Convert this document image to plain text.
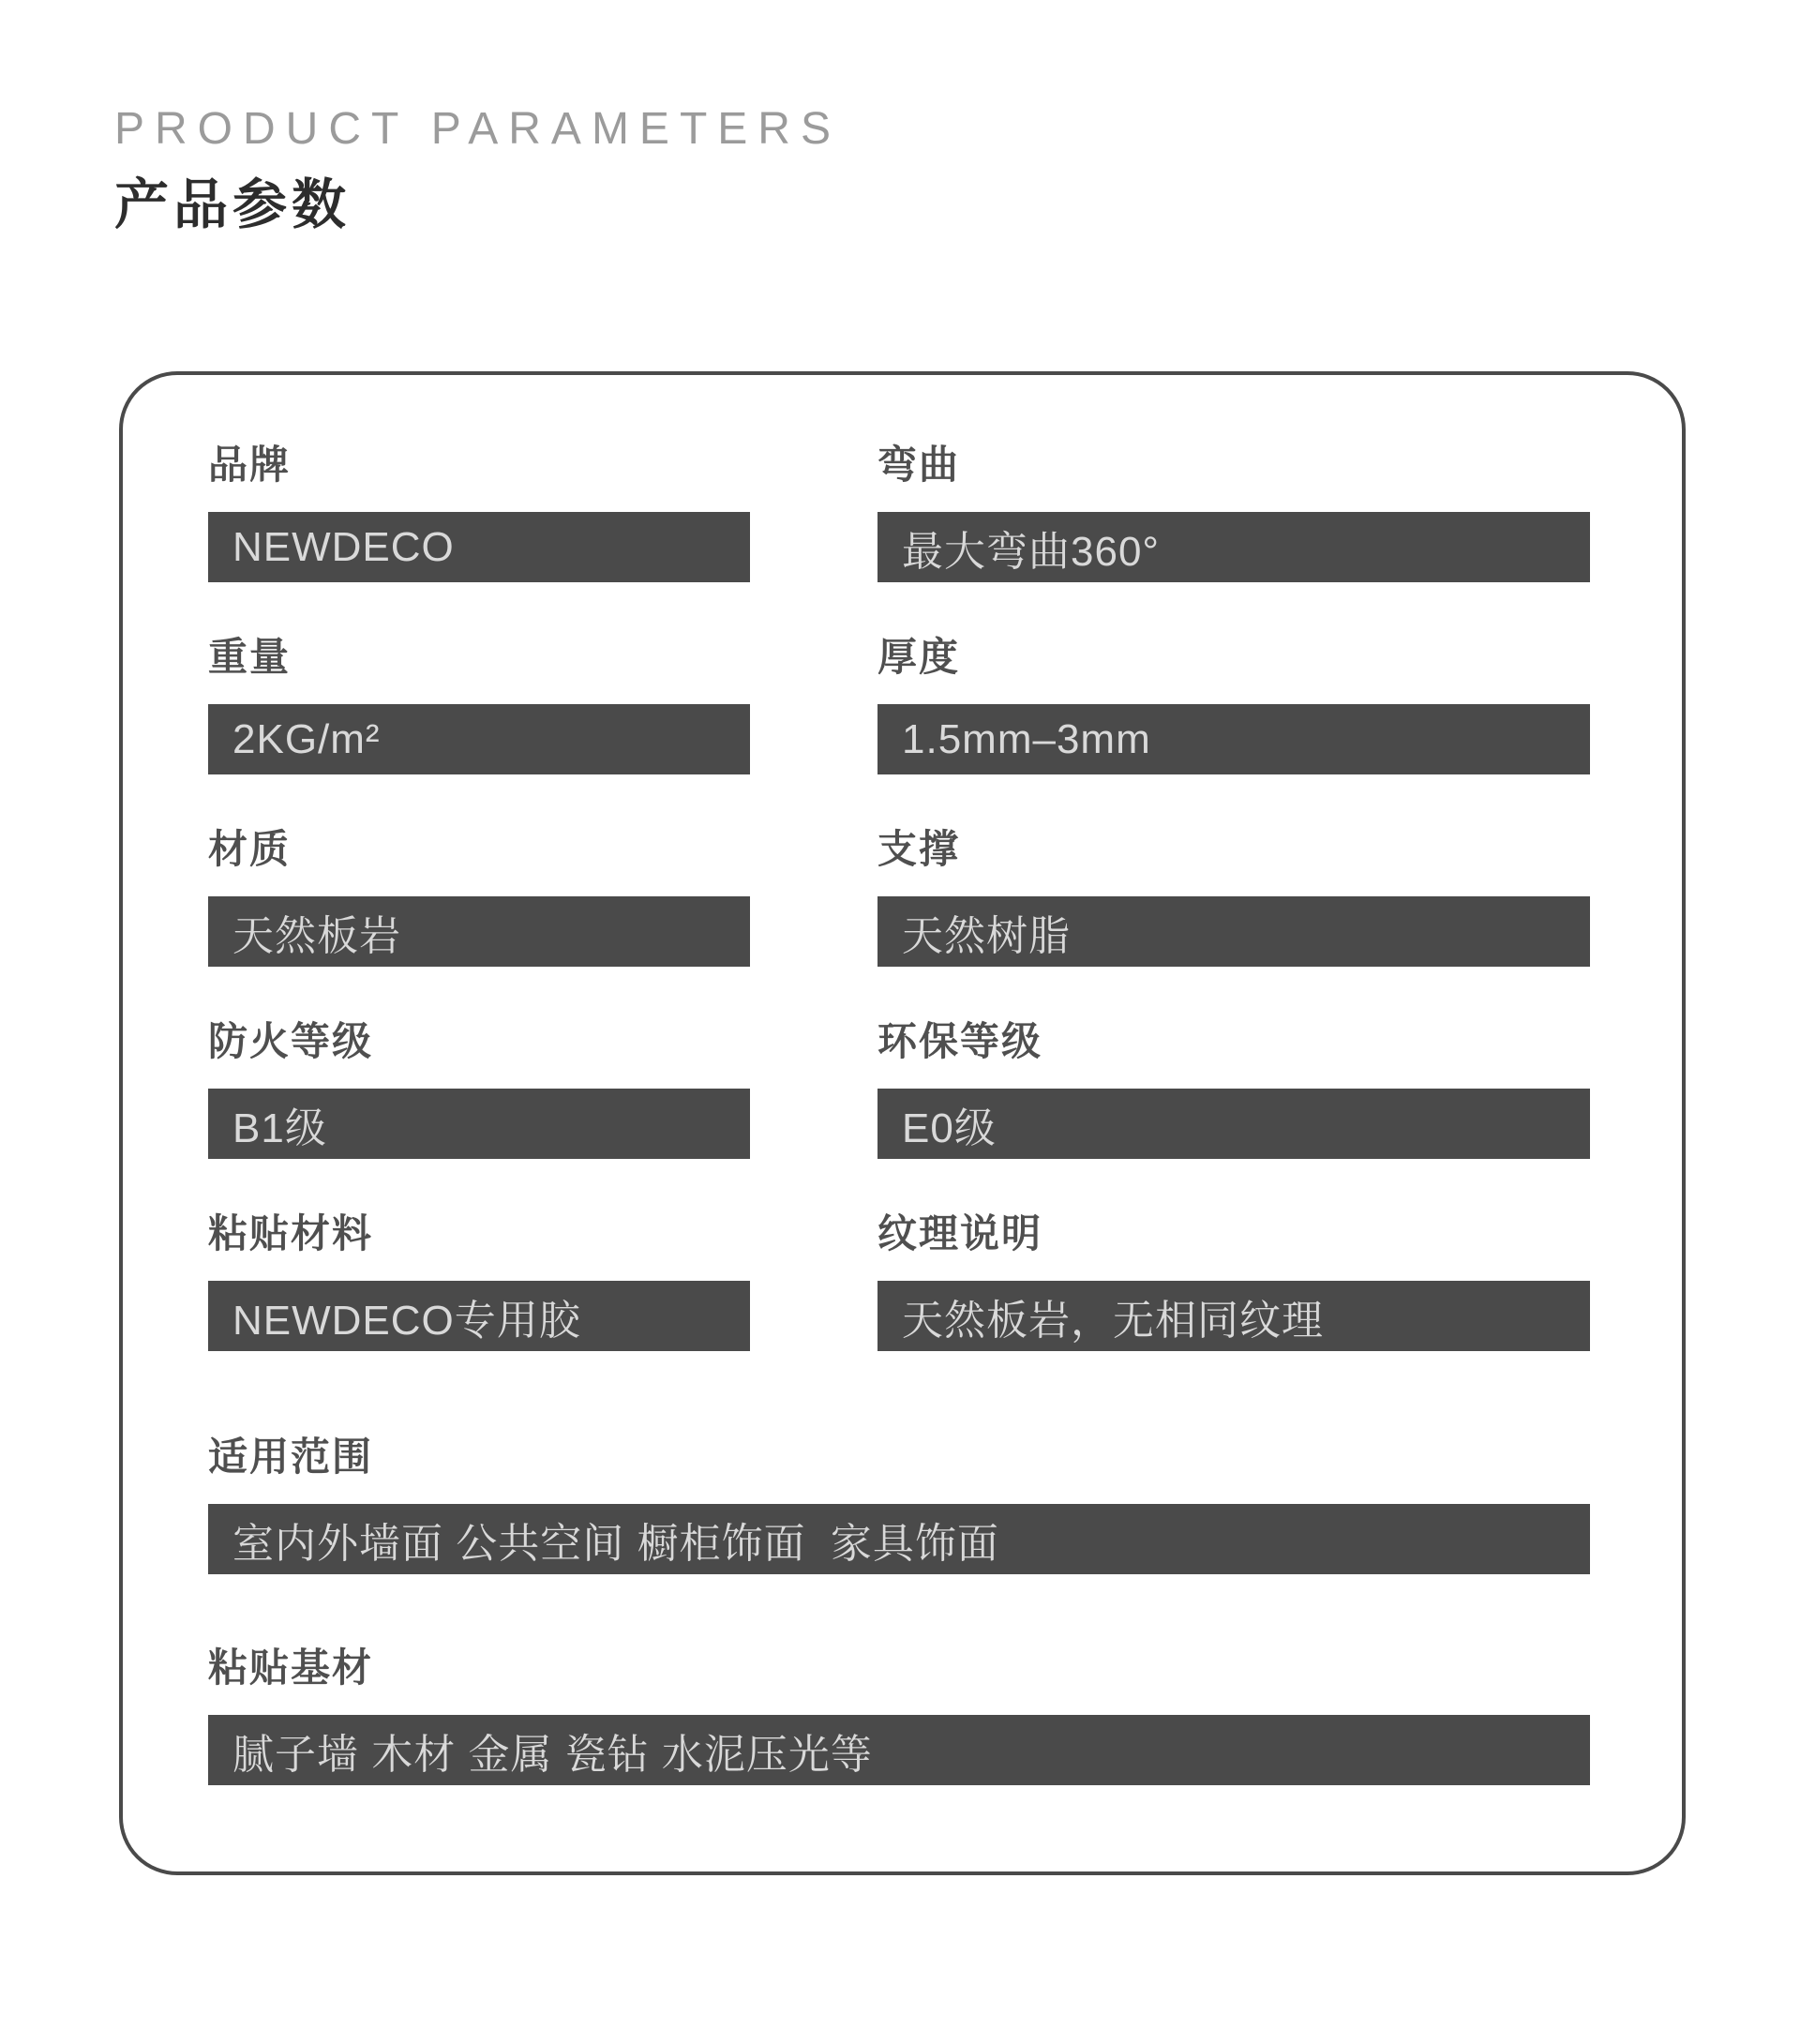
PRODUCT PARAMETERS
产品参数
品牌
NEWDECO
弯曲
最大弯曲360°
重量
2KG/m²
厚度
1.5mm–3mm
材质
天然板岩
支撑
天然树脂
防火等级
B1级
环保等级
E0级
粘贴材料
NEWDECO专用胶
纹理说明
天然板岩，无相同纹理
适用范围
室内外墙面 公共空间 橱柜饰面  家具饰面
粘贴基材
腻子墙 木材 金属 瓷钻 水泥压光等
